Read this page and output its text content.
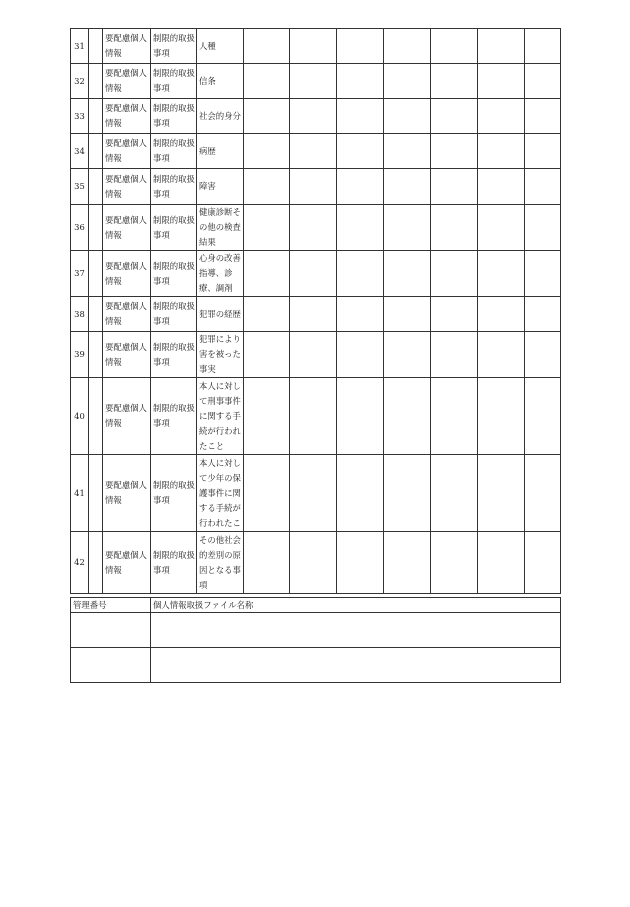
31		要配慮個人情報	制限的取扱事項	人種							
32		要配慮個人情報	制限的取扱事項	信条							
33		要配慮個人情報	制限的取扱事項	社会的身分							
34		要配慮個人情報	制限的取扱事項	病歴							
35		要配慮個人情報	制限的取扱事項	障害							
36		要配慮個人情報	制限的取扱事項	健康診断その他の検査結果							
37		要配慮個人情報	制限的取扱事項	心身の改善指導、診療、調剤							
38		要配慮個人情報	制限的取扱事項	犯罪の経歴							
39		要配慮個人情報	制限的取扱事項	犯罪により害を被った事実							
40		要配慮個人情報	制限的取扱事項	本人に対して刑事事件に関する手続が行われたこと							
41		要配慮個人情報	制限的取扱事項	本人に対して少年の保護事件に関する手続が行われたこ							
42		要配慮個人情報	制限的取扱事項	その他社会的差別の原因となる事項							
管理番号	個人情報取扱ファイル名称
